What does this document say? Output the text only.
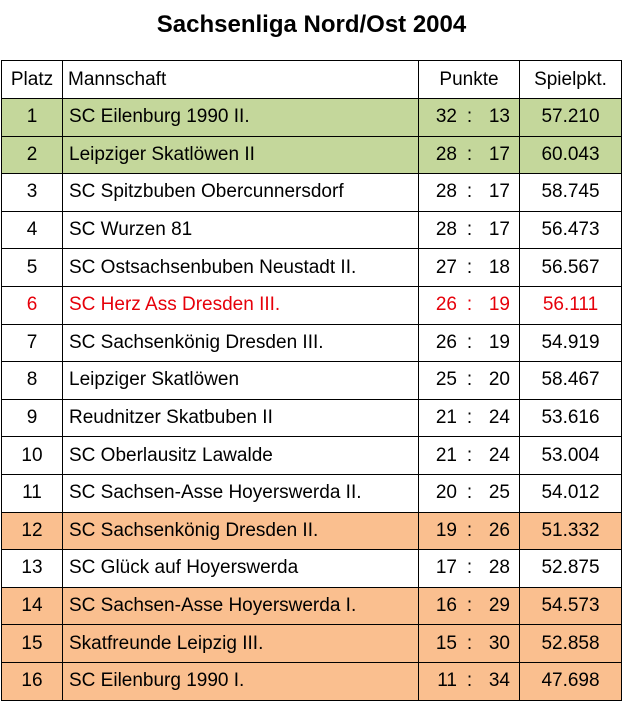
Sachsenliga Nord/Ost 2004
Platz	Mannschaft	Punkte	Spielpkt.
1	SC Eilenburg 1990 II.	32 : 13	57.210
2	Leipziger Skatlöwen II	28 : 17	60.043
3	SC Spitzbuben Obercunnersdorf	28 : 17	58.745
4	SC Wurzen 81	28 : 17	56.473
5	SC Ostsachsenbuben Neustadt II.	27 : 18	56.567
6	SC Herz Ass Dresden III.	26 : 19	56.111
7	SC Sachsenkönig Dresden III.	26 : 19	54.919
8	Leipziger Skatlöwen	25 : 20	58.467
9	Reudnitzer Skatbuben II	21 : 24	53.616
10	SC Oberlausitz Lawalde	21 : 24	53.004
11	SC Sachsen-Asse Hoyerswerda II.	20 : 25	54.012
12	SC Sachsenkönig Dresden II.	19 : 26	51.332
13	SC Glück auf Hoyerswerda	17 : 28	52.875
14	SC Sachsen-Asse Hoyerswerda I.	16 : 29	54.573
15	Skatfreunde Leipzig III.	15 : 30	52.858
16	SC Eilenburg 1990 I.	11 : 34	47.698
